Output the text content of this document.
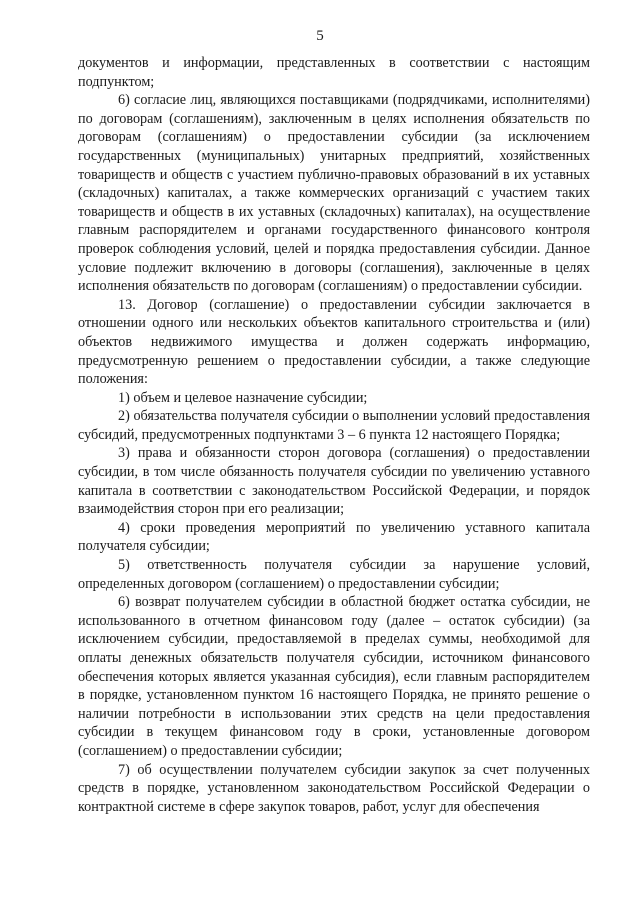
5

документов и информации, представленных в соответствии с настоящим подпунктом;

6) согласие лиц, являющихся поставщиками (подрядчиками, исполнителями) по договорам (соглашениям), заключенным в целях исполнения обязательств по договорам (соглашениям) о предоставлении субсидии (за исключением государственных (муниципальных) унитарных предприятий, хозяйственных товариществ и обществ с участием публично-правовых образований в их уставных (складочных) капиталах, а также коммерческих организаций с участием таких товариществ и обществ в их уставных (складочных) капиталах), на осуществление главным распорядителем и органами государственного финансового контроля проверок соблюдения условий, целей и порядка предоставления субсидии. Данное условие подлежит включению в договоры (соглашения), заключенные в целях исполнения обязательств по договорам (соглашениям) о предоставлении субсидии.

13. Договор (соглашение) о предоставлении субсидии заключается в отношении одного или нескольких объектов капитального строительства и (или) объектов недвижимого имущества и должен содержать информацию, предусмотренную решением о предоставлении субсидии, а также следующие положения:

1) объем и целевое назначение субсидии;

2) обязательства получателя субсидии о выполнении условий предоставления субсидий, предусмотренных подпунктами 3 – 6 пункта 12 настоящего Порядка;

3) права и обязанности сторон договора (соглашения) о предоставлении субсидии, в том числе обязанность получателя субсидии по увеличению уставного капитала в соответствии с законодательством Российской Федерации, и порядок взаимодействия сторон при его реализации;

4) сроки проведения мероприятий по увеличению уставного капитала получателя субсидии;

5) ответственность получателя субсидии за нарушение условий, определенных договором (соглашением) о предоставлении субсидии;

6) возврат получателем субсидии в областной бюджет остатка субсидии, не использованного в отчетном финансовом году (далее – остаток субсидии) (за исключением субсидии, предоставляемой в пределах суммы, необходимой для оплаты денежных обязательств получателя субсидии, источником финансового обеспечения которых является указанная субсидия), если главным распорядителем в порядке, установленном пунктом 16 настоящего Порядка, не принято решение о наличии потребности в использовании этих средств на цели предоставления субсидии в текущем финансовом году в сроки, установленные договором (соглашением) о предоставлении субсидии;

7) об осуществлении получателем субсидии закупок за счет полученных средств в порядке, установленном законодательством Российской Федерации о контрактной системе в сфере закупок товаров, работ, услуг для обеспечения
